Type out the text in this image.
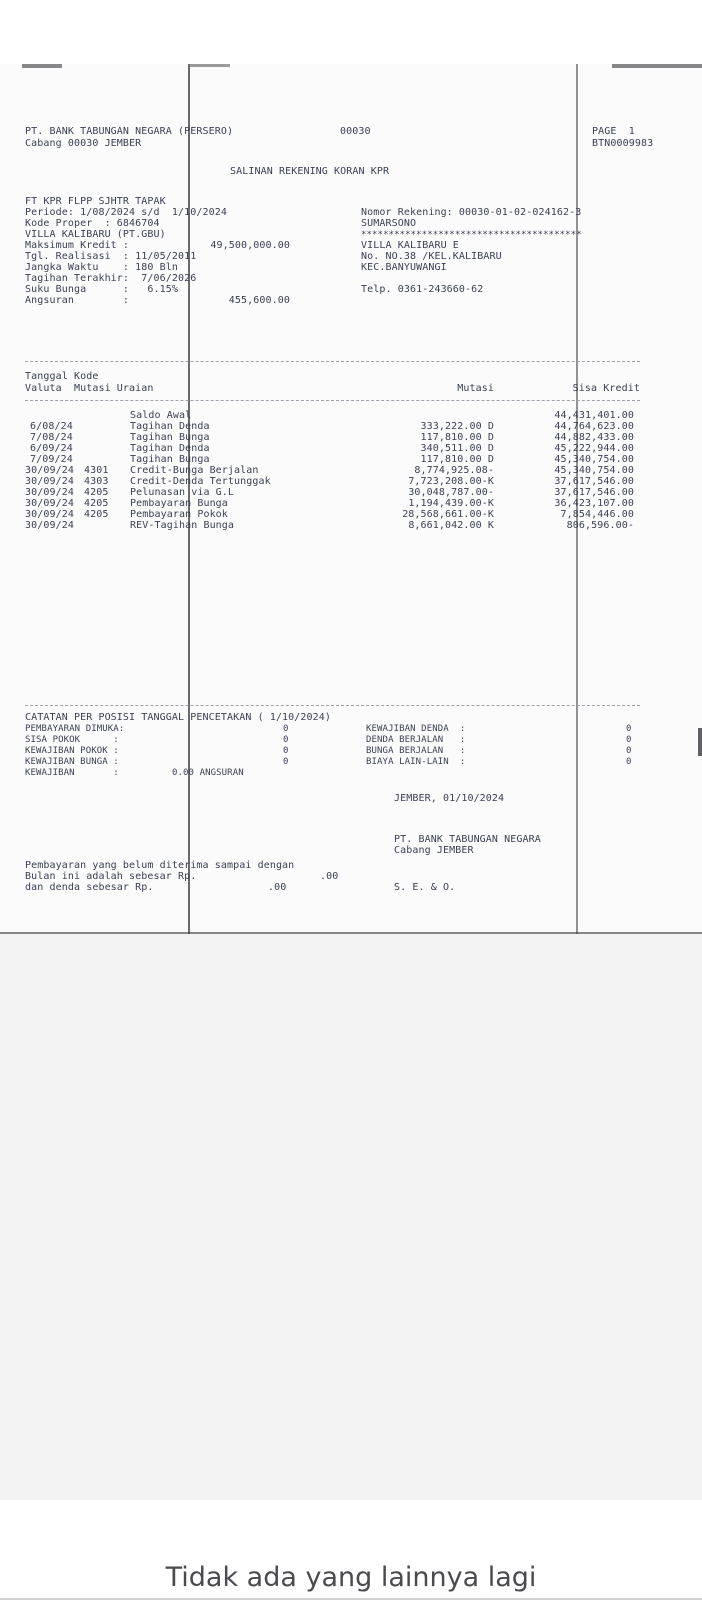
PT. BANK TABUNGAN NEGARA (PERSERO)	00030	PAGE  1
Cabang 00030 JEMBER	BTN0009983
SALINAN REKENING KORAN KPR
FT KPR FLPP SJHTR TAPAK
Periode: 1/08/2024 s/d  1/10/2024
Kode Proper  : 6846704
VILLA KALIBARU (PT.GBU)
Maksimum Kredit :	49,500,000.00
Tgl. Realisasi  : 11/05/2011
Jangka Waktu    : 180 Bln
Tagihan Terakhir:  7/06/2026
Suku Bunga      :   6.15%
Angsuran        :	455,600.00
Nomor Rekening: 00030-01-02-024162-3
SUMARSONO
****************************************
VILLA KALIBARU E
No. NO.38 /KEL.KALIBARU
KEC.BANYUWANGI
Telp. 0361-243660-62
Tanggal Kode
Valuta  Mutasi Uraian	Mutasi	Sisa Kredit
Saldo Awal	44,431,401.00
6/08/24	Tagihan Denda	333,222.00 D	44,764,623.00
7/08/24	Tagihan Bunga	117,810.00 D	44,882,433.00
6/09/24	Tagihan Denda	340,511.00 D	45,222,944.00
7/09/24	Tagihan Bunga	117,810.00 D	45,340,754.00
30/09/24 4301 Credit-Bunga Berjalan	8,774,925.08-	45,340,754.00
30/09/24 4303 Credit-Denda Tertunggak	7,723,208.00-K	37,617,546.00
30/09/24 4205 Pelunasan via G.L	30,048,787.00-	37,617,546.00
30/09/24 4205 Pembayaran Bunga	1,194,439.00-K	36,423,107.00
30/09/24 4205 Pembayaran Pokok	28,568,661.00-K	7,854,446.00
30/09/24	REV-Tagihan Bunga	8,661,042.00 K	806,596.00-
CATATAN PER POSISI TANGGAL PENCETAKAN ( 1/10/2024)
PEMBAYARAN DIMUKA:	0
SISA POKOK      :	0
KEWAJIBAN POKOK :	0
KEWAJIBAN BUNGA :	0
KEWAJIBAN       :	0.00 ANGSURAN
KEWAJIBAN DENDA  :	0
DENDA BERJALAN   :	0
BUNGA BERJALAN   :	0
BIAYA LAIN-LAIN  :	0
JEMBER, 01/10/2024
PT. BANK TABUNGAN NEGARA
Cabang JEMBER
Pembayaran yang belum diterima sampai dengan
Bulan ini adalah sebesar Rp.	.00
dan denda sebesar Rp.	.00	S. E. & O.
Tidak ada yang lainnya lagi
